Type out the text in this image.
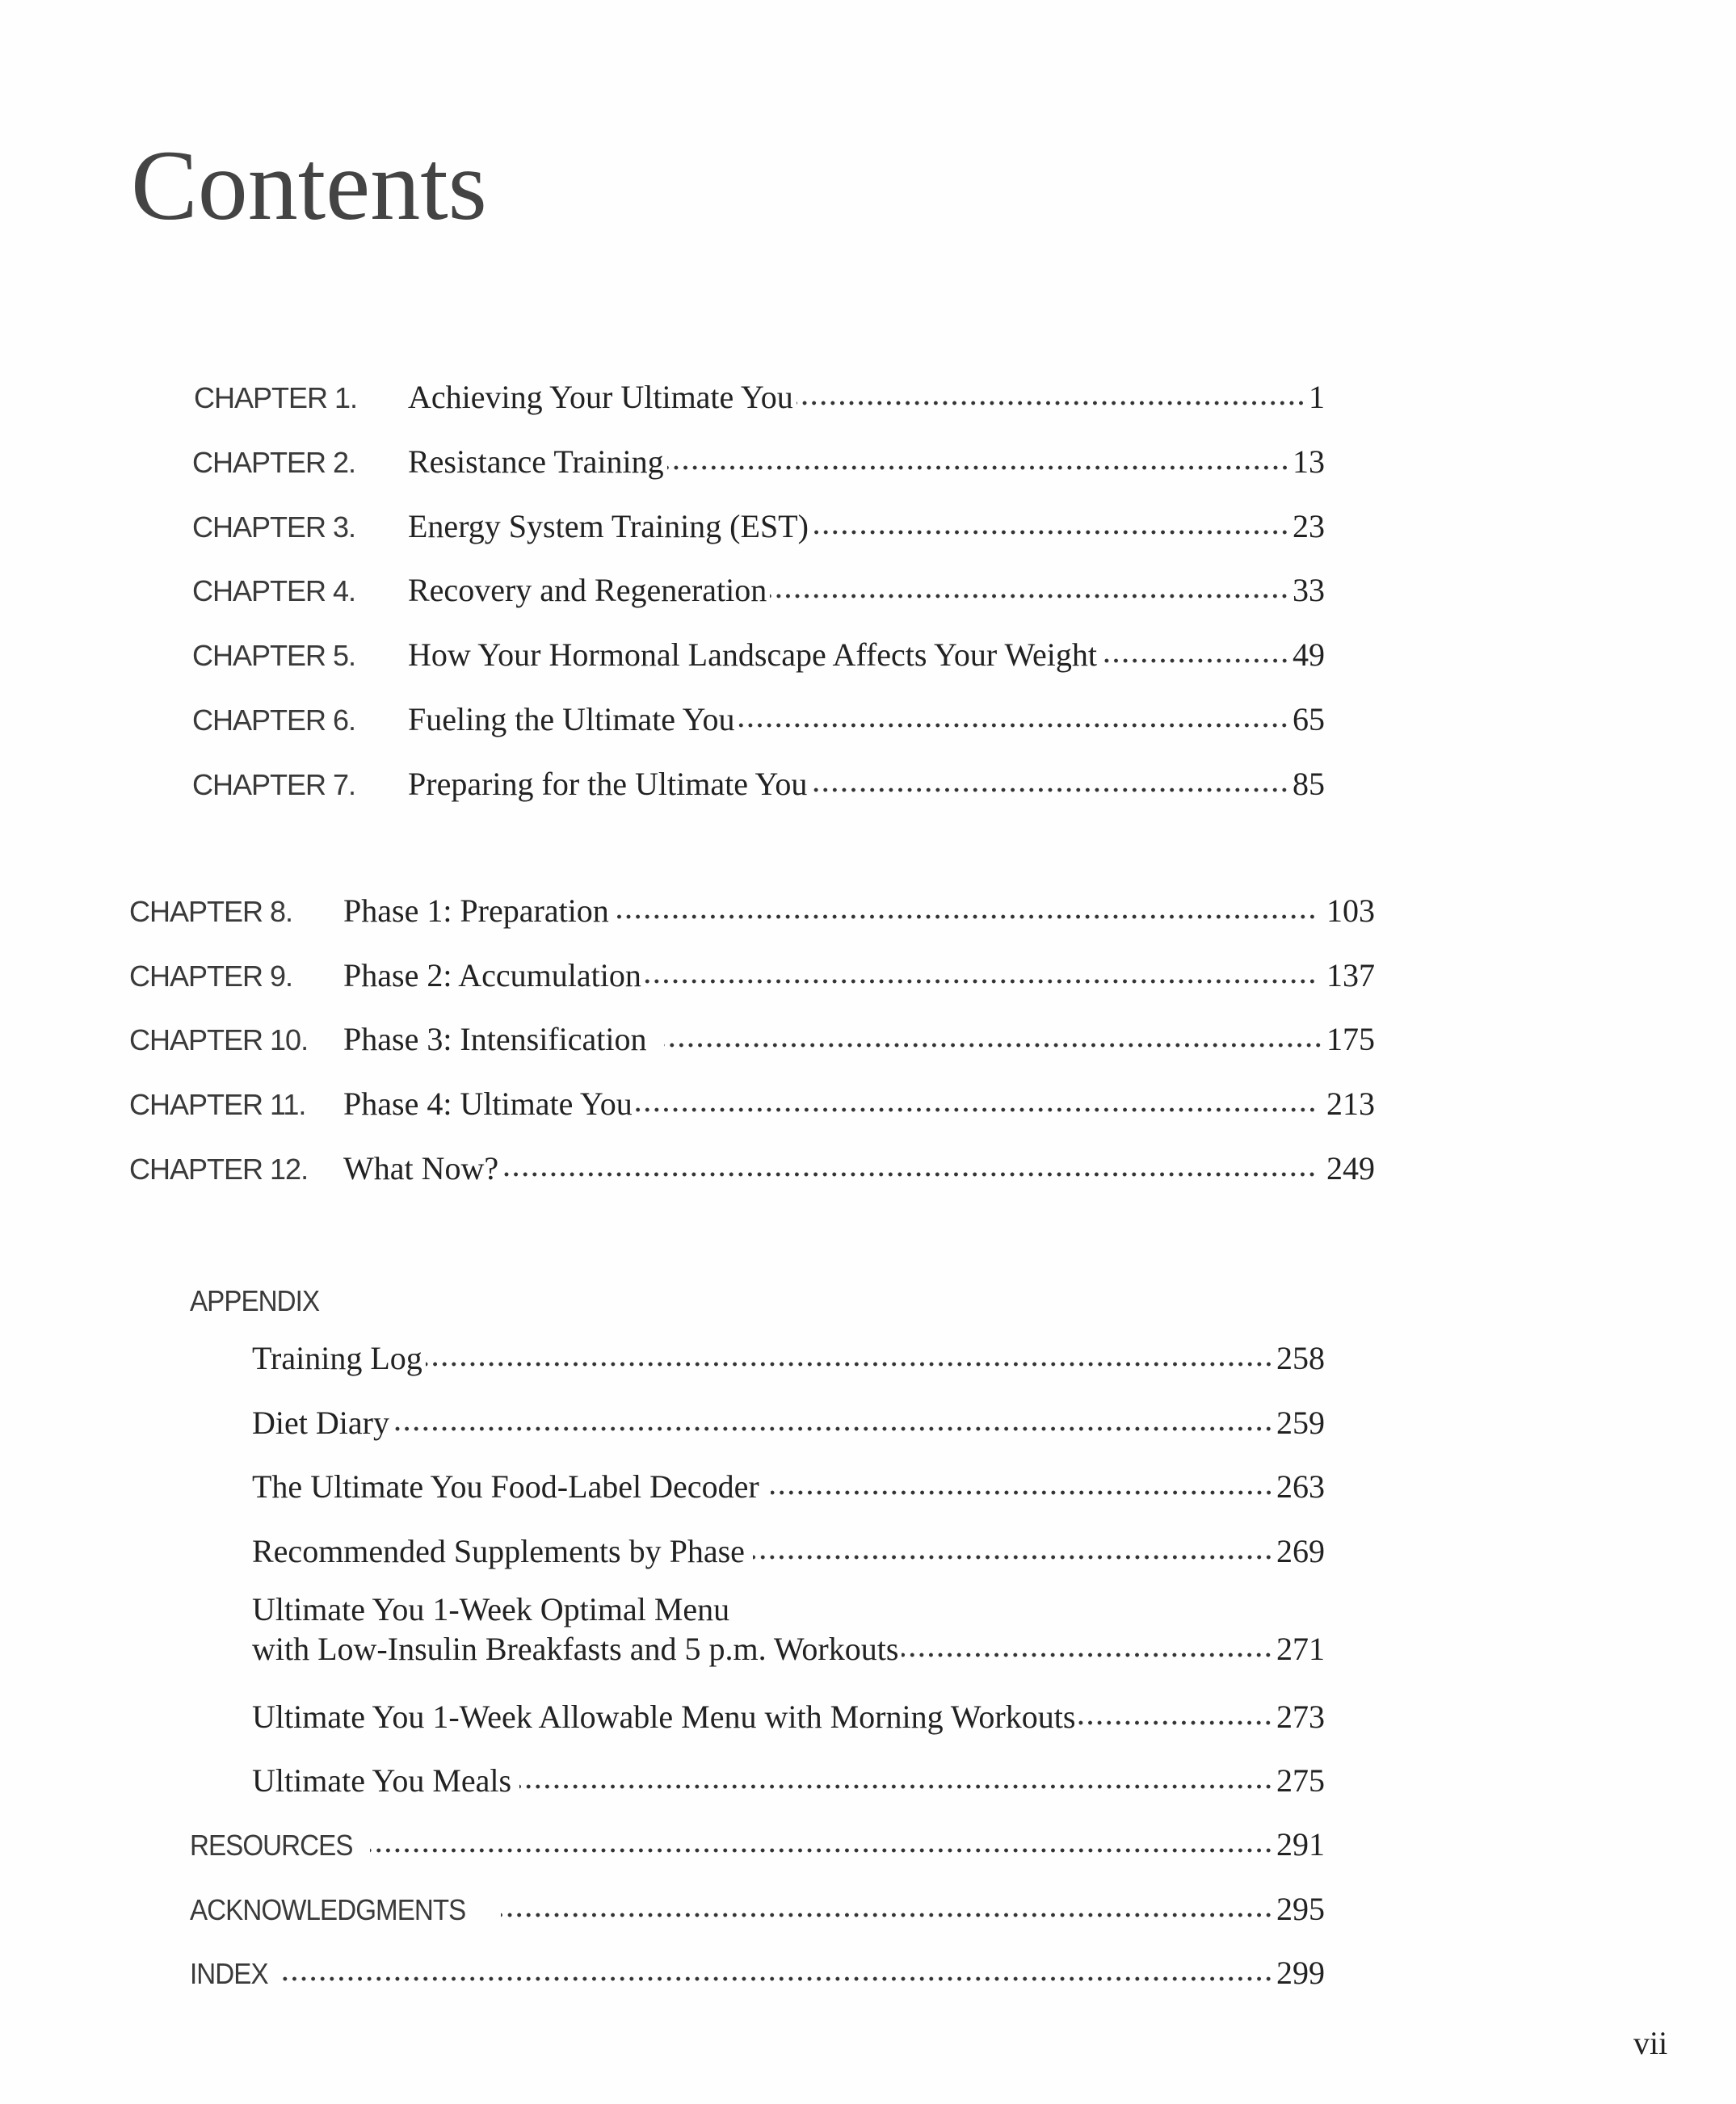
Contents
CHAPTER 1.	Achieving Your Ultimate You	1
CHAPTER 2.	Resistance Training	13
CHAPTER 3.	Energy System Training (EST)	23
CHAPTER 4.	Recovery and Regeneration	33
CHAPTER 5.	How Your Hormonal Landscape Affects Your Weight	49
CHAPTER 6.	Fueling the Ultimate You	65
CHAPTER 7.	Preparing for the Ultimate You	85
CHAPTER 8.	Phase 1: Preparation	103
CHAPTER 9.	Phase 2: Accumulation	137
CHAPTER 10.	Phase 3: Intensification	175
CHAPTER 11.	Phase 4: Ultimate You	213
CHAPTER 12.	What Now?	249
APPENDIX
Training Log	258
Diet Diary	259
The Ultimate You Food-Label Decoder	263
Recommended Supplements by Phase	269
Ultimate You 1-Week Optimal Menu
with Low-Insulin Breakfasts and 5 p.m. Workouts	271
Ultimate You 1-Week Allowable Menu with Morning Workouts	273
Ultimate You Meals	275
RESOURCES	291
ACKNOWLEDGMENTS	295
INDEX	299
vii
